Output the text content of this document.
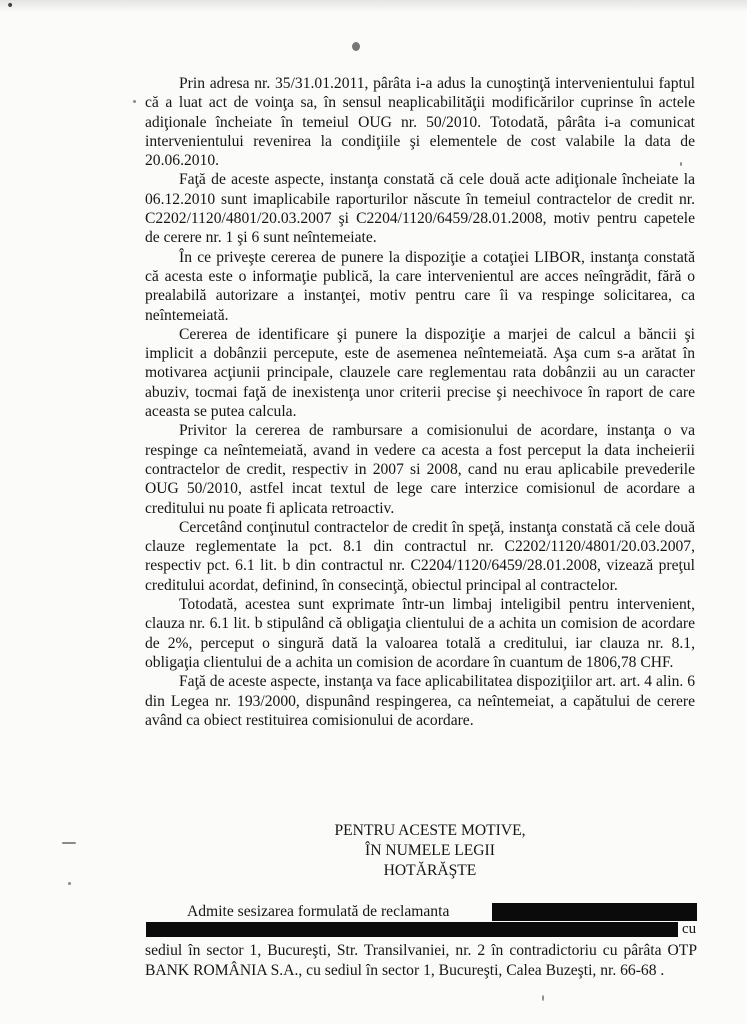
•

Prin adresa nr. 35/31.01.2011, pârâta i-a adus la cunoştinţă intervenientului faptul că a luat act de voinţa sa, în sensul neaplicabilităţii modificărilor cuprinse în actele adiţionale încheiate în temeiul OUG nr. 50/2010. Totodată, pârâta i-a comunicat intervenientului revenirea la condiţiile şi elementele de cost valabile la data de 20.06.2010.

Faţă de aceste aspecte, instanţa constată că cele două acte adiţionale încheiate la 06.12.2010 sunt imaplicabile raporturilor născute în temeiul contractelor de credit nr. C2202/1120/4801/20.03.2007 şi C2204/1120/6459/28.01.2008, motiv pentru capetele de cerere nr. 1 şi 6 sunt neîntemeiate.

În ce priveşte cererea de punere la dispoziţie a cotaţiei LIBOR, instanţa constată că acesta este o informaţie publică, la care intervenientul are acces neîngrădit, fără o prealabilă autorizare a instanţei, motiv pentru care îi va respinge solicitarea, ca neîntemeiată.

Cererea de identificare şi punere la dispoziţie a marjei de calcul a băncii şi implicit a dobânzii percepute, este de asemenea neîntemeiată. Aşa cum s-a arătat în motivarea acţiunii principale, clauzele care reglementau rata dobânzii au un caracter abuziv, tocmai faţă de inexistenţa unor criterii precise şi neechivoce în raport de care aceasta se putea calcula.

Privitor la cererea de rambursare a comisionului de acordare, instanţa o va respinge ca neîntemeiată, avand in vedere ca acesta a fost perceput la data incheierii contractelor de credit, respectiv in 2007 si 2008, cand nu erau aplicabile prevederile OUG 50/2010, astfel incat textul de lege care interzice comisionul de acordare a creditului nu poate fi aplicata retroactiv.

Cercetând conţinutul contractelor de credit în speţă, instanţa constată că cele două clauze reglementate la pct. 8.1 din contractul nr. C2202/1120/4801/20.03.2007, respectiv pct. 6.1 lit. b din contractul nr. C2204/1120/6459/28.01.2008, vizează preţul creditului acordat, definind, în consecinţă, obiectul principal al contractelor.

Totodată, acestea sunt exprimate într-un limbaj inteligibil pentru intervenient, clauza nr. 6.1 lit. b stipulând că obligaţia clientului de a achita un comision de acordare de 2%, perceput o singură dată la valoarea totală a creditului, iar clauza nr. 8.1, obligaţia clientului de a achita un comision de acordare în cuantum de 1806,78 CHF.

Faţă de aceste aspecte, instanţa va face aplicabilitatea dispoziţiilor art. art. 4 alin. 6 din Legea nr. 193/2000, dispunând respingerea, ca neîntemeiat, a capătului de cerere având ca obiect restituirea comisionului de acordare.

PENTRU ACESTE MOTIVE,
ÎN NUMELE LEGII
HOTĂRĂŞTE

Admite sesizarea formulată de reclamanta

sediul în sector 1, Bucureşti, Str. Transilvaniei, nr. 2 în contradictoriu cu pârâta OTP BANK ROMÂNIA S.A., cu sediul în sector 1, Bucureşti, Calea Buzeşti, nr. 66-68 .

cu
